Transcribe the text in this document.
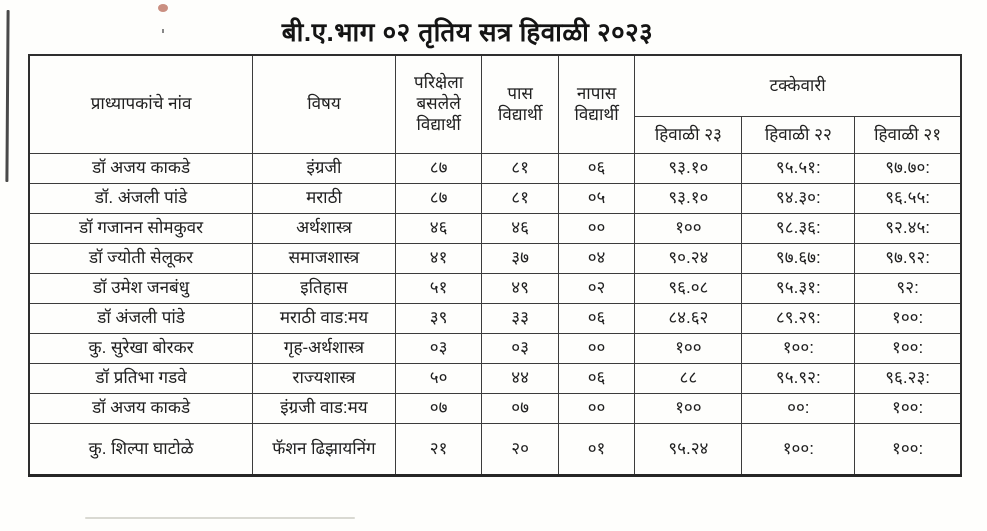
बी.ए.भाग ०२ तृतिय सत्र हिवाळी २०२३
प्राध्यापकांचे नांव	विषय	परिक्षेला बसलेले विद्यार्थी	पास विद्यार्थी	नापास विद्यार्थी	टक्केवारी		
					हिवाळी २३	हिवाळी २२	हिवाळी २१
डॉ अजय काकडे	इंग्रजी	८७	८१	०६	९३.१०	९५.५१:	९७.७०:
डॉ. अंजली पांडे	मराठी	८७	८१	०५	९३.१०	९४.३०:	९६.५५:
डॉ गजानन सोमकुवर	अर्थशास्त्र	४६	४६	००	१००	९८.३६:	९२.४५:
डॉ ज्योती सेलूकर	समाजशास्त्र	४१	३७	०४	९०.२४	९७.६७:	९७.९२:
डॉ उमेश जनबंधु	इतिहास	५१	४९	०२	९६.०८	९५.३१:	९२:
डॉ अंजली पांडे	मराठी वाड:मय	३९	३३	०६	८४.६२	८९.२९:	१००:
कु. सुरेखा बोरकर	गृह-अर्थशास्त्र	०३	०३	००	१००	१००:	१००:
डॉ प्रतिभा गडवे	राज्यशास्त्र	५०	४४	०६	८८	९५.९२:	९६.२३:
डॉ अजय काकडे	इंग्रजी वाड:मय	०७	०७	००	१००	००:	१००:
कु. शिल्पा घाटोळे	फॅशन ढिझायनिंग	२१	२०	०१	९५.२४	१००:	१००:
